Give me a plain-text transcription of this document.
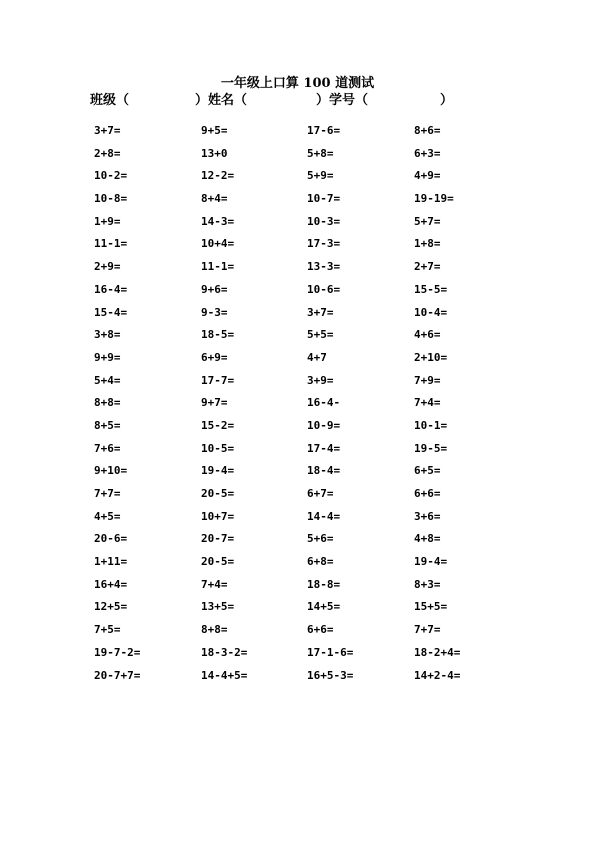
一年级上口算 100 道测试
班级（	）姓名（	）学号（	）
3+7=	9+5=	17-6=	8+6=
2+8=	13+0	5+8=	6+3=
10-2=	12-2=	5+9=	4+9=
10-8=	8+4=	10-7=	19-19=
1+9=	14-3=	10-3=	5+7=
11-1=	10+4=	17-3=	1+8=
2+9=	11-1=	13-3=	2+7=
16-4=	9+6=	10-6=	15-5=
15-4=	9-3=	3+7=	10-4=
3+8=	18-5=	5+5=	4+6=
9+9=	6+9=	4+7	2+10=
5+4=	17-7=	3+9=	7+9=
8+8=	9+7=	16-4-	7+4=
8+5=	15-2=	10-9=	10-1=
7+6=	10-5=	17-4=	19-5=
9+10=	19-4=	18-4=	6+5=
7+7=	20-5=	6+7=	6+6=
4+5=	10+7=	14-4=	3+6=
20-6=	20-7=	5+6=	4+8=
1+11=	20-5=	6+8=	19-4=
16+4=	7+4=	18-8=	8+3=
12+5=	13+5=	14+5=	15+5=
7+5=	8+8=	6+6=	7+7=
19-7-2=	18-3-2=	17-1-6=	18-2+4=
20-7+7=	14-4+5=	16+5-3=	14+2-4=
